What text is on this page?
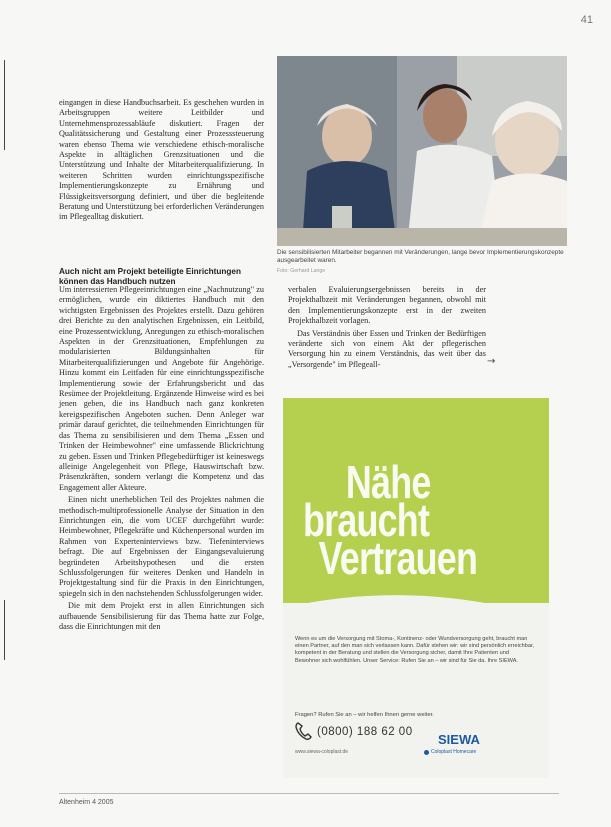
41

eingangen in diese Handbuchsarbeit. Es geschehen wurden in Arbeitsgruppen weitere Leitbilder und Unternehmensprozessabläufe diskutiert. Fragen der Qualitätssicherung und Gestaltung einer Prozesssteuerung waren ebenso Thema wie verschiedene ethisch-moralische Aspekte in alltäglichen Grenzsituationen und die Unterstützung und Inhalte der Mitarbeiterqualifizierung. In weiteren Schritten wurden einrichtungsspezifische Implementierungskonzepte zu Ernährung und Flüssigkeitsversorgung definiert, und über die begleitende Beratung und Unterstützung bei erforderlichen Veränderungen im Pflegealltag diskutiert.

Auch nicht am Projekt beteiligte Einrichtungen können das Handbuch nutzen

Um interessierten Pflegeeinrichtungen eine „Nachnutzung" zu ermöglichen, wurde ein diktiertes Handbuch mit den wichtigsten Ergebnissen des Projektes erstellt. Dazu gehören drei Berichte zu den analytischen Ergebnissen, ein Leitbild, eine Prozessentwicklung, Anregungen zu ethisch-moralischen Aspekten in der Grenzsituationen, Empfehlungen zu modularisierten Bildungsinhalten für Mitarbeiterqualifizierungen und Angebote für Angehörige. Hinzu kommt ein Leitfaden für eine einrichtungsspezifische Implementierung sowie der Erfahrungsbericht und das Resümee der Projektleitung. Ergänzende Hinweise wird es bei jenen geben, die ins Handbuch nach ganz konkreten kereigspezifischen Angeboten suchen. Denn Anleger war primär darauf gerichtet, die teilnehmenden Einrichtungen für das Thema zu sensibilisieren und dem Thema „Essen und Trinken der Heimbewohner" eine umfassende Blickrichtung zu geben. Essen und Trinken Pflegebedürftiger ist keineswegs alleinige Angelegenheit von Pflege, Hauswirtschaft bzw. Präsenzkräften, sondern verlangt die Kompetenz und das Engagement aller Akteure.

Einen nicht unerheblichen Teil des Projektes nahmen die methodisch-multiprofessionelle Analyse der Situation in den Einrichtungen ein, die vom UCEF durchgeführt wurde: Heimbewohner, Pflegekräfte und Küchenpersonal wurden im Rahmen von Experteninterviews bzw. Tiefeninterviews befragt. Die auf Ergebnissen der Eingangsevaluierung begründeten Arbeitshypothesen und die ersten Schlussfolgerungen für weiteres Denken und Handeln in Projektgestaltung sind für die Praxis in den Einrichtungen, spiegeln sich in den nachstehenden Schlussfolgerungen wider.

Die mit dem Projekt erst in allen Einrichtungen sich aufbauende Sensibilisierung für das Thema hatte zur Folge, dass die Einrichtungen mit den

verbalen Evaluierungsergebnissen bereits in der Projekthalbzeit mit Veränderungen begannen, obwohl mit den Implementierungskonzepte erst in der zweiten Projekthalbzeit vorlagen.

Das Verständnis über Essen und Trinken der Bedürftigen veränderte sich von einem Akt der pflegerischen Versorgung hin zu einem Verständnis, das weit über das „Versorgende" im Pflegeall-	→
Die sensibilisierten Mitarbeiter begannen mit Veränderungen, lange bevor Implementierungskonzepte ausgearbeitet waren.
Foto: Gerhard Lange
Nähe
braucht
Vertrauen
Wenn es um die Versorgung mit Stoma-, Kontinenz- oder Wundversorgung geht, braucht man einen Partner, auf den man sich verlassen kann. Dafür stehen wir: wir sind persönlich erreichbar, kompetent in der Beratung und stellen die Versorgung sicher, damit Ihre Patienten und Bewohner sich wohlfühlen. Unser Service: Rufen Sie an – wir sind für Sie da. Ihre SIEWA.
Fragen? Rufen Sie an – wir helfen Ihnen gerne weiter.
(0800) 188 62 00
www.siewa-coloplast.de
SIEWA
Coloplast Homecare
Altenheim 4 2005
